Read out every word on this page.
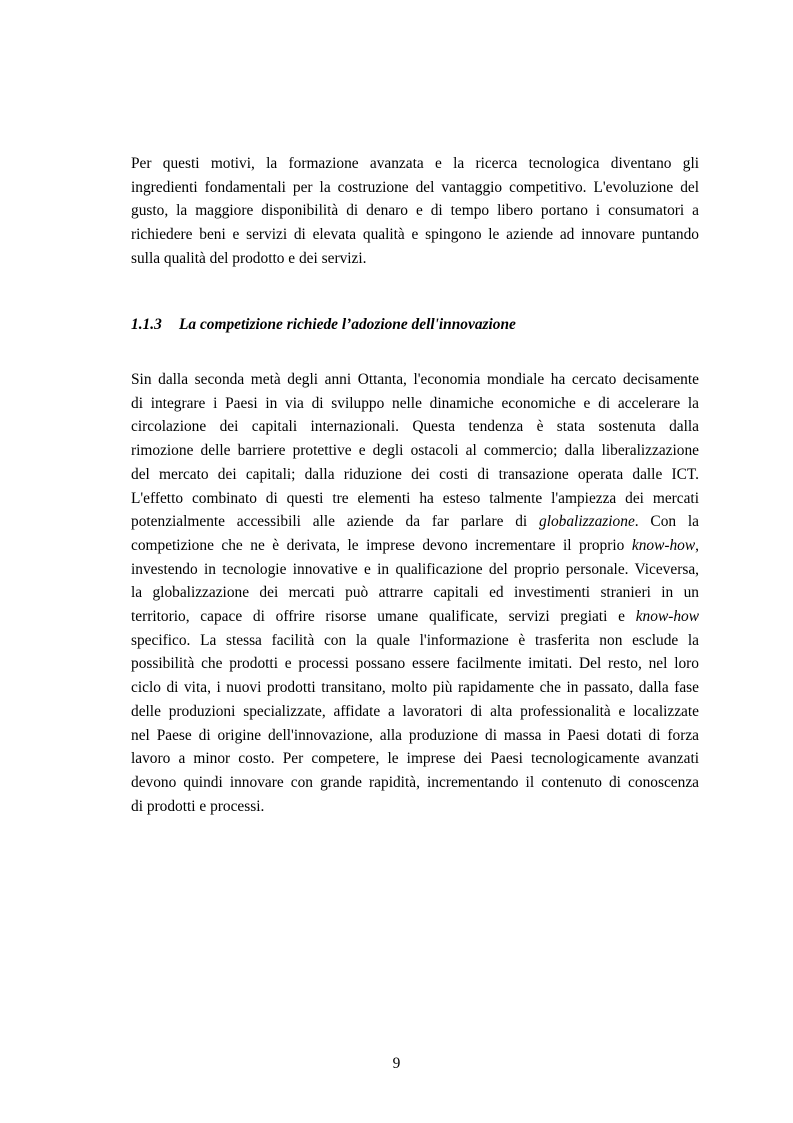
Per questi motivi, la formazione avanzata e la ricerca tecnologica diventano gli
ingredienti fondamentali per la costruzione del vantaggio competitivo. L'evoluzione del
gusto, la maggiore disponibilità di denaro e di tempo libero portano i consumatori a
richiedere beni e servizi di elevata qualità e spingono le aziende ad innovare puntando
sulla qualità del prodotto e dei servizi.
1.1.3 La competizione richiede l’adozione dell'innovazione
Sin dalla seconda metà degli anni Ottanta, l'economia mondiale ha cercato decisamente
di integrare i Paesi in via di sviluppo nelle dinamiche economiche e di accelerare la
circolazione dei capitali internazionali. Questa tendenza è stata sostenuta dalla
rimozione delle barriere protettive e degli ostacoli al commercio; dalla liberalizzazione
del mercato dei capitali; dalla riduzione dei costi di transazione operata dalle ICT.
L'effetto combinato di questi tre elementi ha esteso talmente l'ampiezza dei mercati
potenzialmente accessibili alle aziende da far parlare di globalizzazione. Con la
competizione che ne è derivata, le imprese devono incrementare il proprio know-how,
investendo in tecnologie innovative e in qualificazione del proprio personale. Viceversa,
la globalizzazione dei mercati può attrarre capitali ed investimenti stranieri in un
territorio, capace di offrire risorse umane qualificate, servizi pregiati e know-how
specifico. La stessa facilità con la quale l'informazione è trasferita non esclude la
possibilità che prodotti e processi possano essere facilmente imitati. Del resto, nel loro
ciclo di vita, i nuovi prodotti transitano, molto più rapidamente che in passato, dalla fase
delle produzioni specializzate, affidate a lavoratori di alta professionalità e localizzate
nel Paese di origine dell'innovazione, alla produzione di massa in Paesi dotati di forza
lavoro a minor costo. Per competere, le imprese dei Paesi tecnologicamente avanzati
devono quindi innovare con grande rapidità, incrementando il contenuto di conoscenza
di prodotti e processi.
9
